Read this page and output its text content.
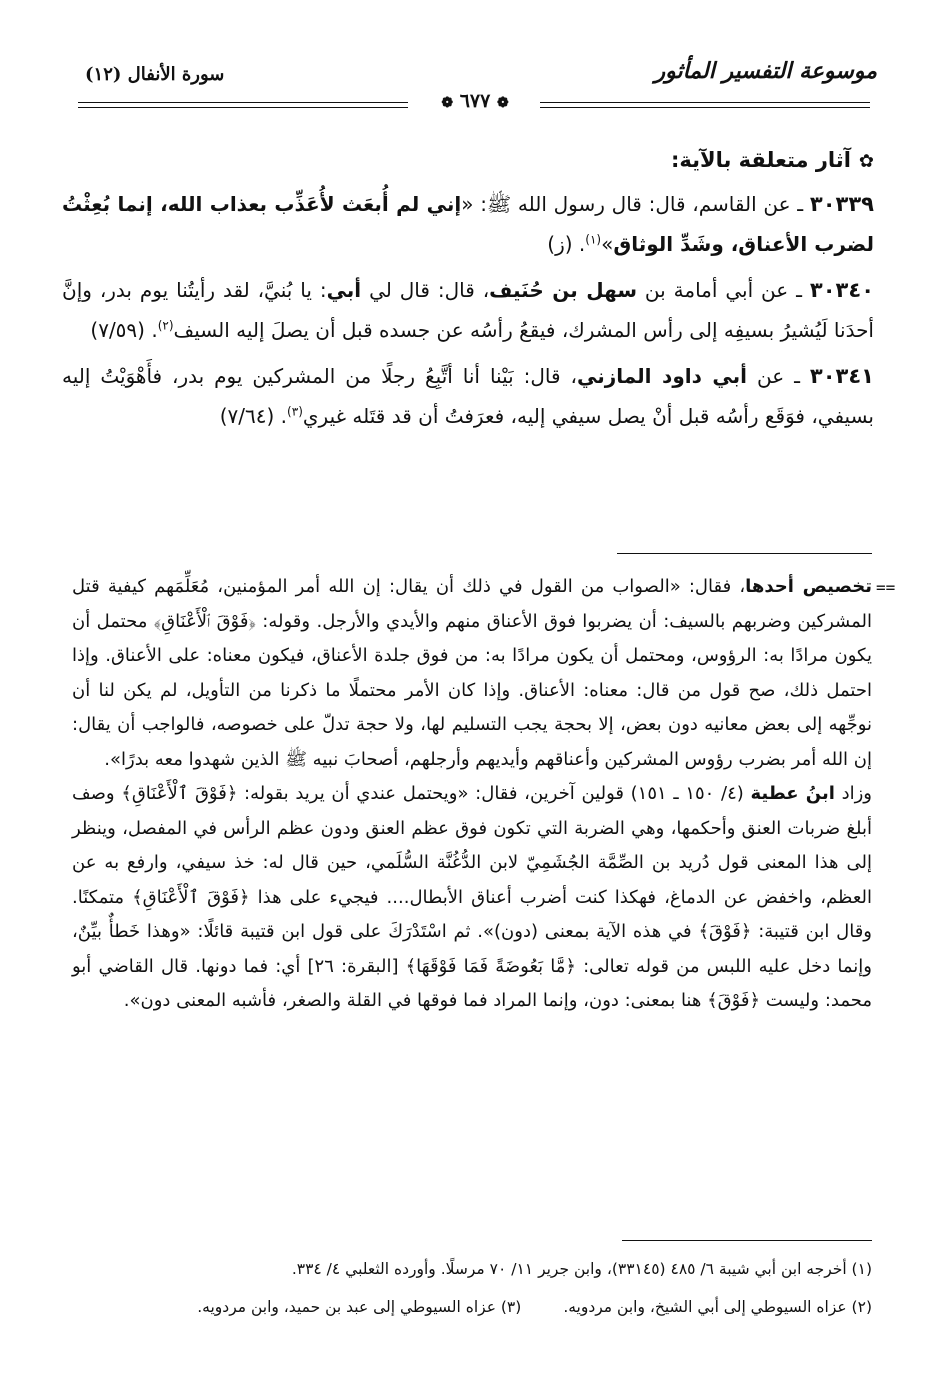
موسوعة التفسير المأثور
سورة الأنفال (١٢)
❁ ٦٧٧ ❁
✿آثار متعلقة بالآية:
٣٠٣٣٩ ـ عن القاسم، قال: قال رسول الله ﷺ: «إني لم أُبعَث لأُعَذِّب بعذاب الله، إنما بُعِثْتُ لضرب الأعناق، وشَدِّ الوثاق»$^{(١)}$. (ز)
٣٠٣٤٠ ـ عن أبي أمامة بن سهل بن حُنَيف، قال: قال لي أبي: يا بُنيَّ، لقد رأيتُنا يوم بدر، وإنَّ أحدَنا لَيُشيرُ بسيفِه إلى رأس المشرك، فيقعُ رأسُه عن جسده قبل أن يصلَ إليه السيف$^{(٢)}$. (٧/٥٩)
٣٠٣٤١ ـ عن أبي داود المازني، قال: بَيْنا أنا أتَّبِعُ رجلًا من المشركين يوم بدر، فأَهْوَيْتُ إليه بسيفي، فوَقَع رأسُه قبل أنْ يصل سيفي إليه، فعرَفتُ أن قد قتَله غيري$^{(٣)}$. (٧/٦٤)
==
تخصيص أحدها، فقال: «الصواب من القول في ذلك أن يقال: إن الله أمر المؤمنين، مُعَلِّمَهم كيفية قتل المشركين وضربهم بالسيف: أن يضربوا فوق الأعناق منهم والأيدي والأرجل. وقوله: ﴿فَوْقَ ٱلْأَعْنَاقِ﴾ محتمل أن يكون مرادًا به: الرؤوس، ومحتمل أن يكون مرادًا به: من فوق جلدة الأعناق، فيكون معناه: على الأعناق. وإذا احتمل ذلك، صح قول من قال: معناه: الأعناق. وإذا كان الأمر محتملًا ما ذكرنا من التأويل، لم يكن لنا أن نوجِّهه إلى بعض معانيه دون بعض، إلا بحجة يجب التسليم لها، ولا حجة تدلّ على خصوصه، فالواجب أن يقال: إن الله أمر بضرب رؤوس المشركين وأعناقهم وأيديهم وأرجلهم، أصحابَ نبيه ﷺ الذين شهدوا معه بدرًا».
وزاد ابنُ عطية (٤/ ١٥٠ ـ ١٥١) قولين آخرين، فقال: «ويحتمل عندي أن يريد بقوله: ﴿فَوْقَ ٱلْأَعْنَاقِ﴾ وصف أبلغ ضربات العنق وأحكمها، وهي الضربة التي تكون فوق عظم العنق ودون عظم الرأس في المفصل، وينظر إلى هذا المعنى قول دُريد بن الصِّمَّة الجُشَمِيّ لابن الدُّغُنَّة السُّلَمي، حين قال له: خذ سيفي، وارفع به عن العظم، واخفض عن الدماغ، فهكذا كنت أضرب أعناق الأبطال.... فيجيء على هذا ﴿فَوْقَ ٱلْأَعْنَاقِ﴾ متمكنًا. وقال ابن قتيبة: ﴿فَوْقَ﴾ في هذه الآية بمعنى (دون)». ثم اسْتَدْرَكَ على قول ابن قتيبة قائلًا: «وهذا خَطأٌ بيِّنٌ، وإنما دخل عليه اللبس من قوله تعالى: ﴿مَّا بَعُوضَةً فَمَا فَوْقَهَا﴾ [البقرة: ٢٦] أي: فما دونها. قال القاضي أبو محمد: وليست ﴿فَوْقَ﴾ هنا بمعنى: دون، وإنما المراد فما فوقها في القلة والصغر، فأشبه المعنى دون».
(١) أخرجه ابن أبي شيبة ٦/ ٤٨٥ (٣٣١٤٥)، وابن جرير ١١/ ٧٠ مرسلًا. وأورده الثعلبي ٤/ ٣٣٤.
(٢) عزاه السيوطي إلى أبي الشيخ، وابن مردويه.
(٣) عزاه السيوطي إلى عبد بن حميد، وابن مردويه.
